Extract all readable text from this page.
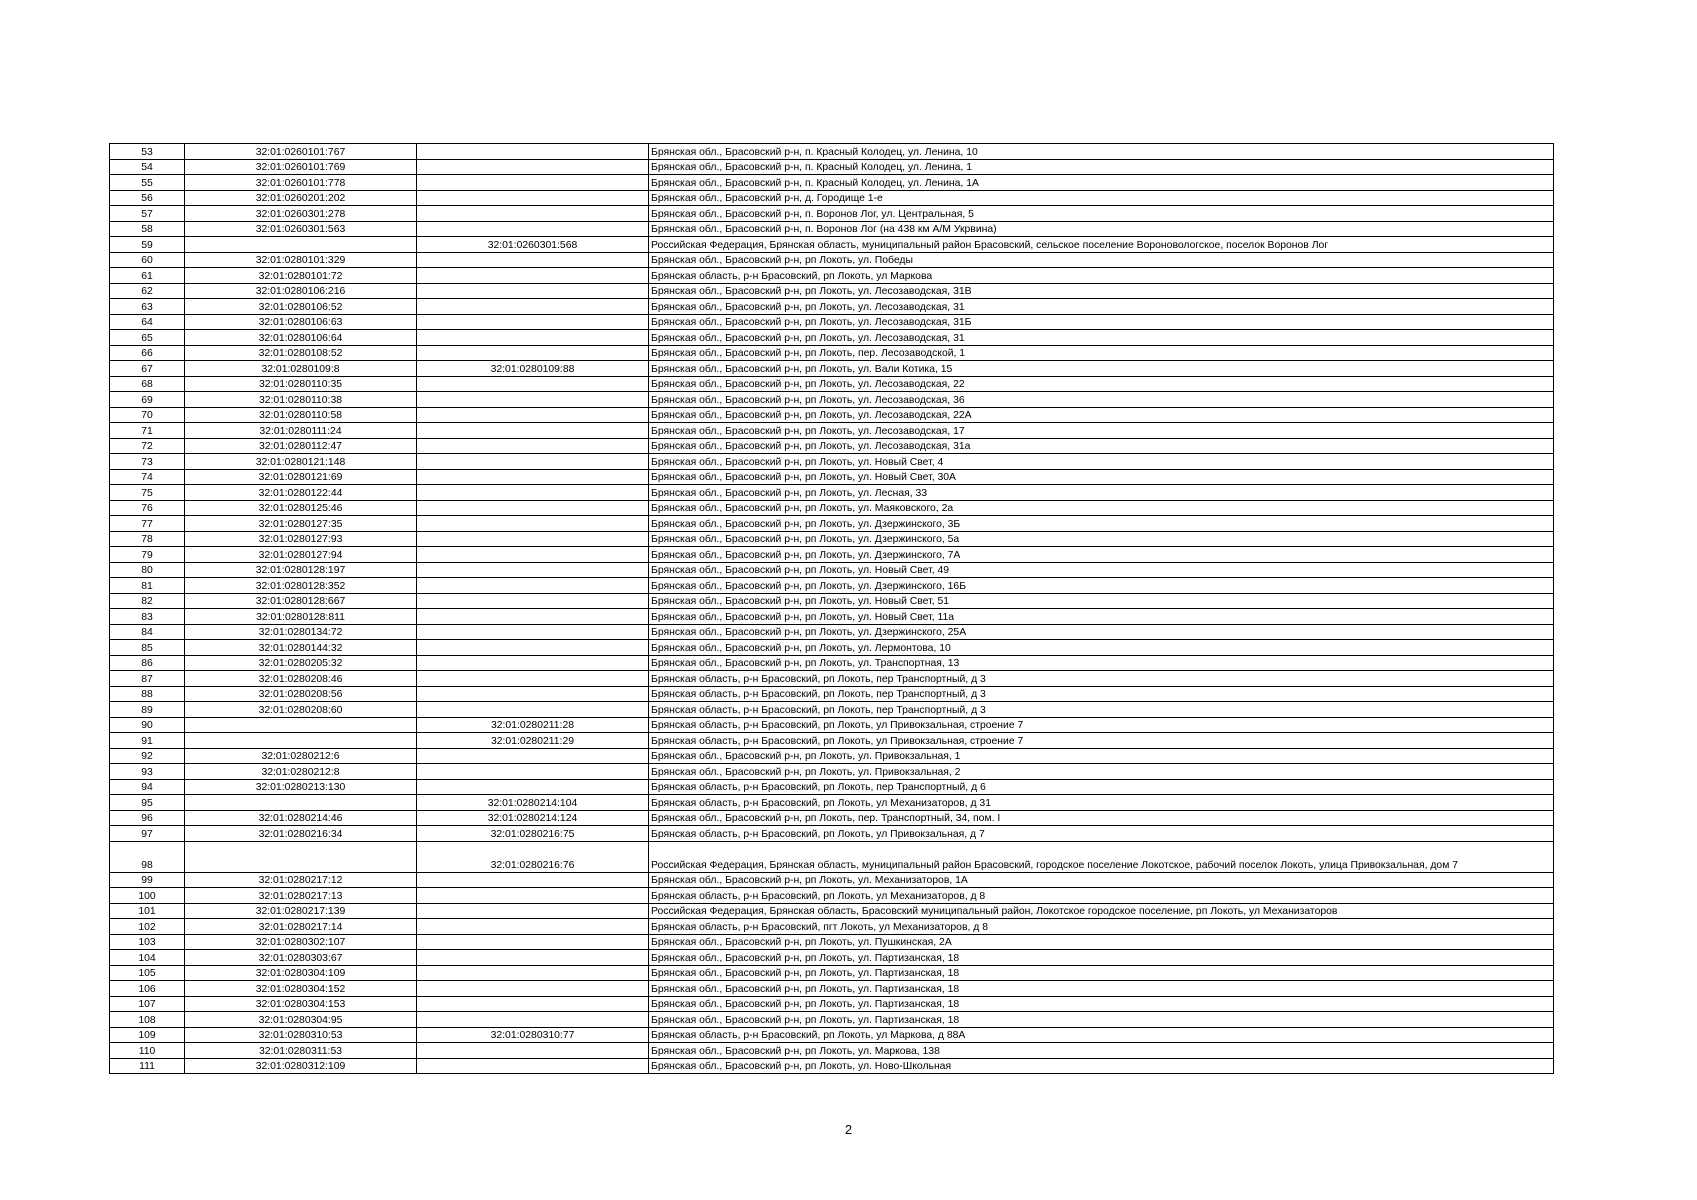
53	32:01:0260101:767		Брянская обл., Брасовский р-н, п. Красный Колодец, ул. Ленина, 10
54	32:01:0260101:769		Брянская обл., Брасовский р-н, п. Красный Колодец, ул. Ленина, 1
55	32:01:0260101:778		Брянская обл., Брасовский р-н, п. Красный Колодец, ул. Ленина, 1А
56	32:01:0260201:202		Брянская обл., Брасовский р-н, д. Городище 1-е
57	32:01:0260301:278		Брянская обл., Брасовский р-н, п. Воронов Лог, ул. Центральная, 5
58	32:01:0260301:563		Брянская обл., Брасовский р-н, п. Воронов Лог (на 438 км А/М Укрвина)
59		32:01:0260301:568	Российская Федерация, Брянская область, муниципальный район Брасовский, сельское поселение Вороновологское, поселок Воронов Лог
60	32:01:0280101:329		Брянская обл., Брасовский р-н, рп Локоть, ул. Победы
61	32:01:0280101:72		Брянская область, р-н Брасовский, рп Локоть, ул Маркова
62	32:01:0280106:216		Брянская обл., Брасовский р-н, рп Локоть, ул. Лесозаводская, 31В
63	32:01:0280106:52		Брянская обл., Брасовский р-н, рп Локоть, ул. Лесозаводская, 31
64	32:01:0280106:63		Брянская обл., Брасовский р-н, рп Локоть, ул. Лесозаводская, 31Б
65	32:01:0280106:64		Брянская обл., Брасовский р-н, рп Локоть, ул. Лесозаводская, 31
66	32:01:0280108:52		Брянская обл., Брасовский р-н, рп Локоть, пер. Лесозаводской, 1
67	32:01:0280109:8	32:01:0280109:88	Брянская обл., Брасовский р-н, рп Локоть, ул. Вали Котика, 15
68	32:01:0280110:35		Брянская обл., Брасовский р-н, рп Локоть, ул. Лесозаводская, 22
69	32:01:0280110:38		Брянская обл., Брасовский р-н, рп Локоть, ул. Лесозаводская, 36
70	32:01:0280110:58		Брянская обл., Брасовский р-н, рп Локоть, ул. Лесозаводская, 22А
71	32:01:0280111:24		Брянская обл., Брасовский р-н, рп Локоть, ул. Лесозаводская, 17
72	32:01:0280112:47		Брянская обл., Брасовский р-н, рп Локоть, ул. Лесозаводская, 31а
73	32:01:0280121:148		Брянская обл., Брасовский р-н, рп Локоть, ул. Новый Свет, 4
74	32:01:0280121:69		Брянская обл., Брасовский р-н, рп Локоть, ул. Новый Свет, 30А
75	32:01:0280122:44		Брянская обл., Брасовский р-н, рп Локоть, ул. Лесная, 33
76	32:01:0280125:46		Брянская обл., Брасовский р-н, рп Локоть, ул. Маяковского, 2а
77	32:01:0280127:35		Брянская обл., Брасовский р-н, рп Локоть, ул. Дзержинского, 3Б
78	32:01:0280127:93		Брянская обл., Брасовский р-н, рп Локоть, ул. Дзержинского, 5а
79	32:01:0280127:94		Брянская обл., Брасовский р-н, рп Локоть, ул. Дзержинского, 7А
80	32:01:0280128:197		Брянская обл., Брасовский р-н, рп Локоть, ул. Новый Свет, 49
81	32:01:0280128:352		Брянская обл., Брасовский р-н, рп Локоть, ул. Дзержинского, 16Б
82	32:01:0280128:667		Брянская обл., Брасовский р-н, рп Локоть, ул. Новый Свет, 51
83	32:01:0280128:811		Брянская обл., Брасовский р-н, рп Локоть, ул. Новый Свет, 11а
84	32:01:0280134:72		Брянская обл., Брасовский р-н, рп Локоть, ул. Дзержинского, 25А
85	32:01:0280144:32		Брянская обл., Брасовский р-н, рп Локоть, ул. Лермонтова, 10
86	32:01:0280205:32		Брянская обл., Брасовский р-н, рп Локоть, ул. Транспортная, 13
87	32:01:0280208:46		Брянская область, р-н Брасовский, рп Локоть, пер Транспортный, д 3
88	32:01:0280208:56		Брянская область, р-н Брасовский, рп Локоть, пер Транспортный, д 3
89	32:01:0280208:60		Брянская область, р-н Брасовский, рп Локоть, пер Транспортный, д 3
90		32:01:0280211:28	Брянская область, р-н Брасовский, рп Локоть, ул Привокзальная, строение 7
91		32:01:0280211:29	Брянская область, р-н Брасовский, рп Локоть, ул Привокзальная, строение 7
92	32:01:0280212:6		Брянская обл., Брасовский р-н, рп Локоть, ул. Привокзальная, 1
93	32:01:0280212:8		Брянская обл., Брасовский р-н, рп Локоть, ул. Привокзальная, 2
94	32:01:0280213:130		Брянская область, р-н Брасовский, рп Локоть, пер Транспортный, д 6
95		32:01:0280214:104	Брянская область, р-н Брасовский, рп Локоть, ул Механизаторов, д 31
96	32:01:0280214:46	32:01:0280214:124	Брянская обл., Брасовский р-н, рп Локоть, пер. Транспортный, 34, пом. I
97	32:01:0280216:34	32:01:0280216:75	Брянская область, р-н Брасовский, рп Локоть, ул Привокзальная, д 7
98		32:01:0280216:76	Российская Федерация, Брянская область, муниципальный район Брасовский, городское поселение Локотское, рабочий поселок Локоть, улица Привокзальная, дом 7
99	32:01:0280217:12		Брянская обл., Брасовский р-н, рп Локоть, ул. Механизаторов, 1А
100	32:01:0280217:13		Брянская область, р-н Брасовский, рп Локоть, ул Механизаторов, д 8
101	32:01:0280217:139		Российская Федерация, Брянская область, Брасовский муниципальный район, Локотское городское поселение, рп Локоть, ул Механизаторов
102	32:01:0280217:14		Брянская область, р-н Брасовский, пгт Локоть, ул Механизаторов, д 8
103	32:01:0280302:107		Брянская обл., Брасовский р-н, рп Локоть, ул. Пушкинская, 2А
104	32:01:0280303:67		Брянская обл., Брасовский р-н, рп Локоть, ул. Партизанская, 18
105	32:01:0280304:109		Брянская обл., Брасовский р-н, рп Локоть, ул. Партизанская, 18
106	32:01:0280304:152		Брянская обл., Брасовский р-н, рп Локоть, ул. Партизанская, 18
107	32:01:0280304:153		Брянская обл., Брасовский р-н, рп Локоть, ул. Партизанская, 18
108	32:01:0280304:95		Брянская обл., Брасовский р-н, рп Локоть, ул. Партизанская, 18
109	32:01:0280310:53	32:01:0280310:77	Брянская область, р-н Брасовский, рп Локоть, ул Маркова, д 88А
110	32:01:0280311:53		Брянская обл., Брасовский р-н, рп Локоть, ул. Маркова, 138
111	32:01:0280312:109		Брянская обл., Брасовский р-н, рп Локоть, ул. Ново-Школьная
2
